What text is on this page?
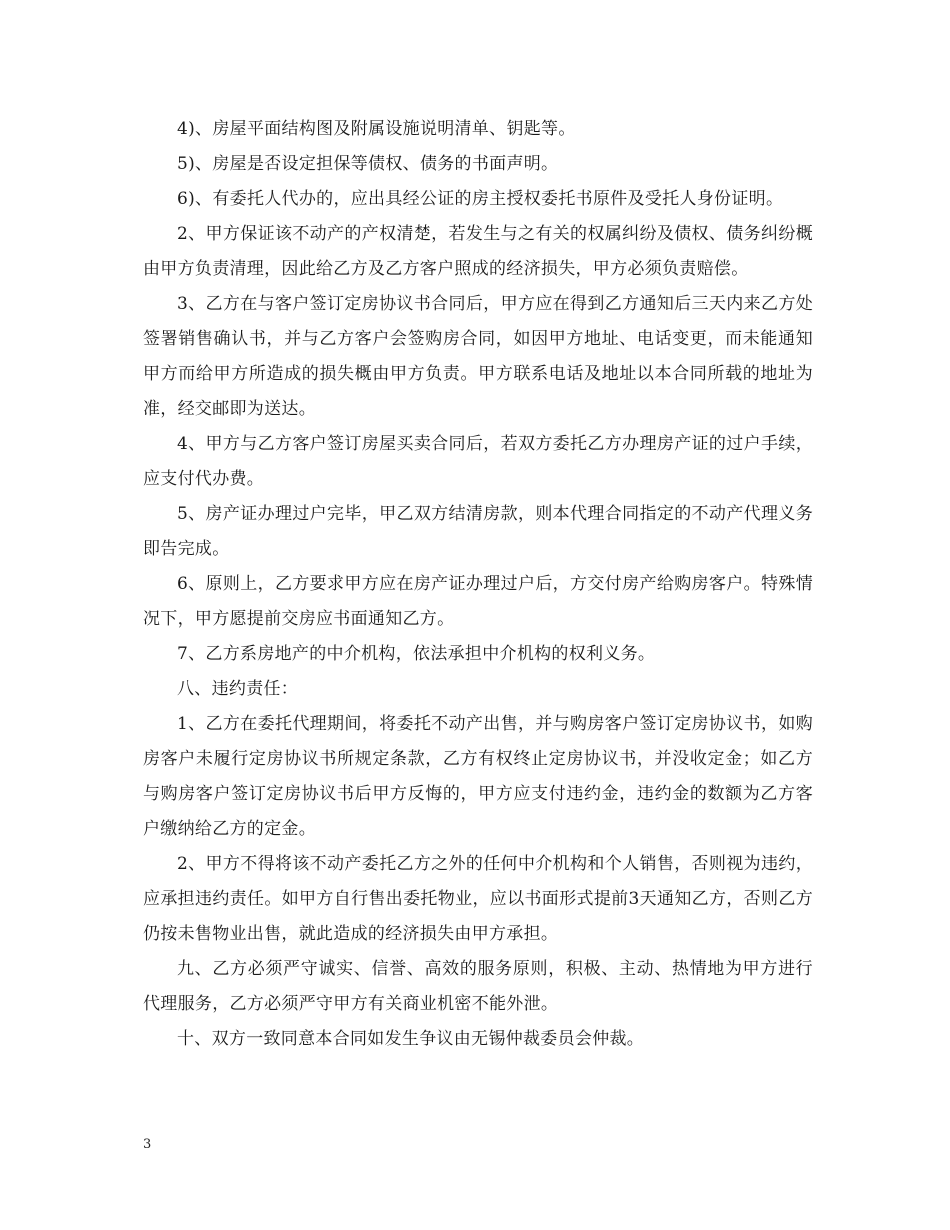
4)、房屋平面结构图及附属设施说明清单、钥匙等。

5)、房屋是否设定担保等债权、债务的书面声明。

6)、有委托人代办的，应出具经公证的房主授权委托书原件及受托人身份证明。

2、甲方保证该不动产的产权清楚，若发生与之有关的权属纠纷及债权、债务纠纷概由甲方负责清理，因此给乙方及乙方客户照成的经济损失，甲方必须负责赔偿。

3、乙方在与客户签订定房协议书合同后，甲方应在得到乙方通知后三天内来乙方处签署销售确认书，并与乙方客户会签购房合同，如因甲方地址、电话变更，而未能通知甲方而给甲方所造成的损失概由甲方负责。甲方联系电话及地址以本合同所载的地址为准，经交邮即为送达。

4、甲方与乙方客户签订房屋买卖合同后，若双方委托乙方办理房产证的过户手续，应支付代办费。

5、房产证办理过户完毕，甲乙双方结清房款，则本代理合同指定的不动产代理义务即告完成。

6、原则上，乙方要求甲方应在房产证办理过户后，方交付房产给购房客户。特殊情况下，甲方愿提前交房应书面通知乙方。

7、乙方系房地产的中介机构，依法承担中介机构的权利义务。

八、违约责任：

1、乙方在委托代理期间，将委托不动产出售，并与购房客户签订定房协议书，如购房客户未履行定房协议书所规定条款，乙方有权终止定房协议书，并没收定金；如乙方与购房客户签订定房协议书后甲方反悔的，甲方应支付违约金，违约金的数额为乙方客户缴纳给乙方的定金。

2、甲方不得将该不动产委托乙方之外的任何中介机构和个人销售，否则视为违约，应承担违约责任。如甲方自行售出委托物业，应以书面形式提前3天通知乙方，否则乙方仍按未售物业出售，就此造成的经济损失由甲方承担。

九、乙方必须严守诚实、信誉、高效的服务原则，积极、主动、热情地为甲方进行代理服务，乙方必须严守甲方有关商业机密不能外泄。

十、双方一致同意本合同如发生争议由无锡仲裁委员会仲裁。

3
